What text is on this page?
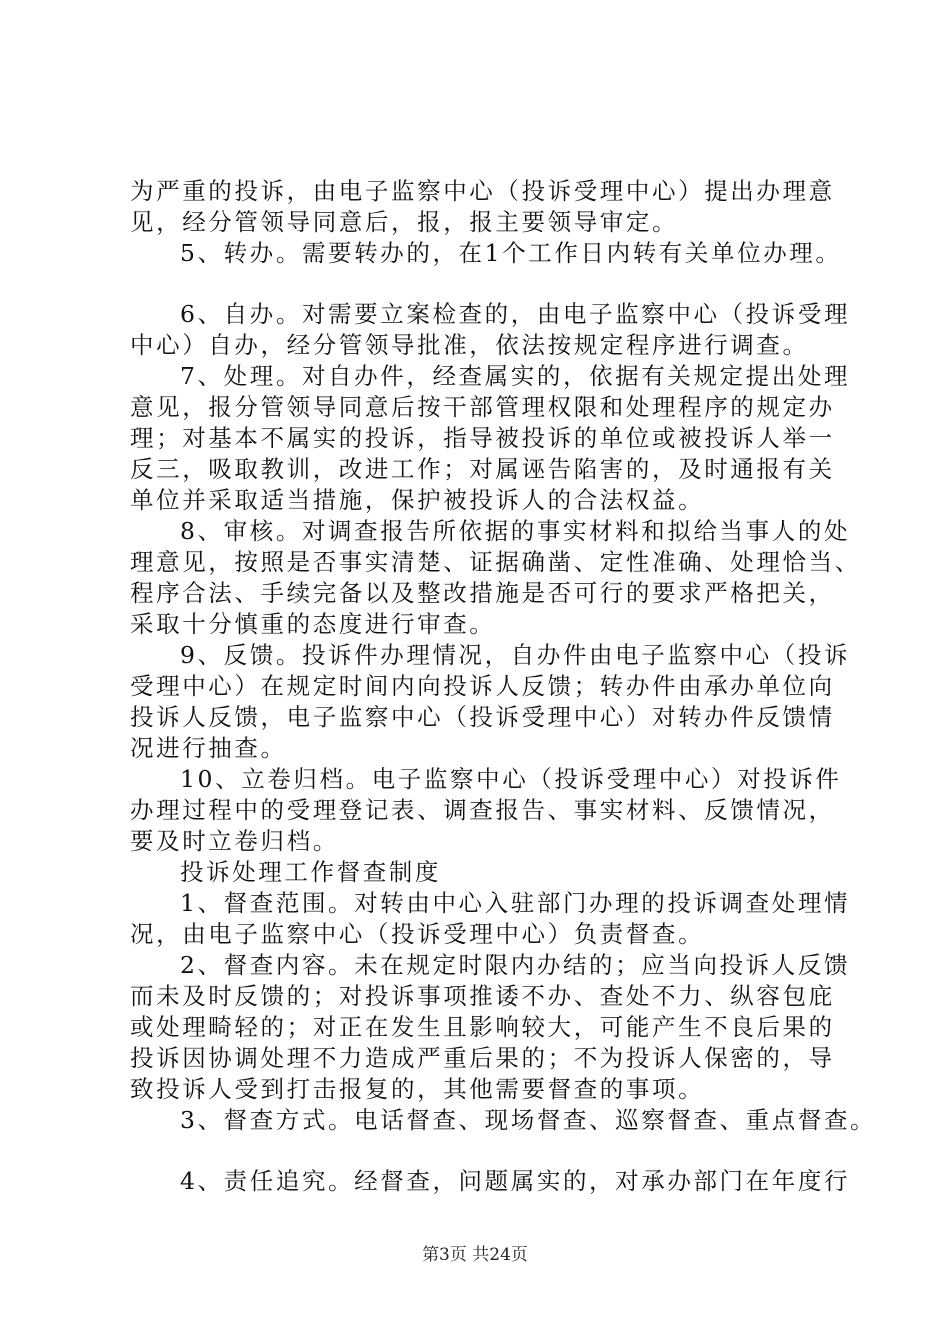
为严重的投诉，由电子监察中心（投诉受理中心）提出办理意
见，经分管领导同意后，报，报主要领导审定。
5、转办。需要转办的，在1个工作日内转有关单位办理。
6、自办。对需要立案检查的，由电子监察中心（投诉受理
中心）自办，经分管领导批准，依法按规定程序进行调查。
7、处理。对自办件，经查属实的，依据有关规定提出处理
意见，报分管领导同意后按干部管理权限和处理程序的规定办
理；对基本不属实的投诉，指导被投诉的单位或被投诉人举一
反三，吸取教训，改进工作；对属诬告陷害的，及时通报有关
单位并采取适当措施，保护被投诉人的合法权益。
8、审核。对调查报告所依据的事实材料和拟给当事人的处
理意见，按照是否事实清楚、证据确凿、定性准确、处理恰当、
程序合法、手续完备以及整改措施是否可行的要求严格把关，
采取十分慎重的态度进行审查。
9、反馈。投诉件办理情况，自办件由电子监察中心（投诉
受理中心）在规定时间内向投诉人反馈；转办件由承办单位向
投诉人反馈，电子监察中心（投诉受理中心）对转办件反馈情
况进行抽查。
10、立卷归档。电子监察中心（投诉受理中心）对投诉件
办理过程中的受理登记表、调查报告、事实材料、反馈情况，
要及时立卷归档。
投诉处理工作督查制度
1、督查范围。对转由中心入驻部门办理的投诉调查处理情
况，由电子监察中心（投诉受理中心）负责督查。
2、督查内容。未在规定时限内办结的；应当向投诉人反馈
而未及时反馈的；对投诉事项推诿不办、查处不力、纵容包庇
或处理畸轻的；对正在发生且影响较大，可能产生不良后果的
投诉因协调处理不力造成严重后果的；不为投诉人保密的，导
致投诉人受到打击报复的，其他需要督查的事项。
3、督查方式。电话督查、现场督查、巡察督查、重点督查。
4、责任追究。经督查，问题属实的，对承办部门在年度行
第3页 共24页
